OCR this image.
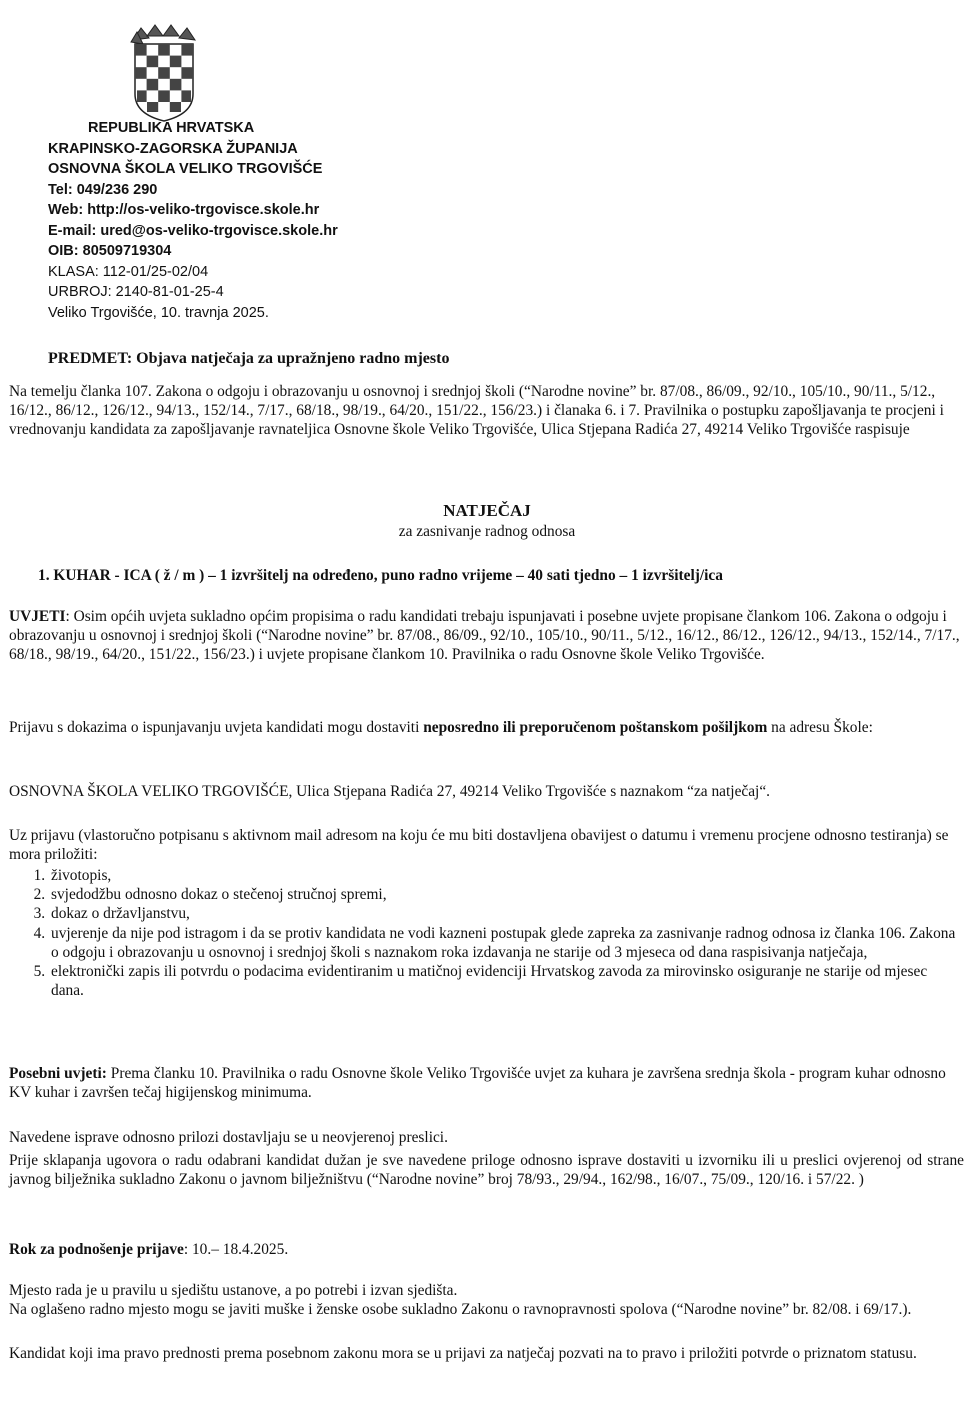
REPUBLIKA HRVATSKA
KRAPINSKO-ZAGORSKA ŽUPANIJA
OSNOVNA ŠKOLA VELIKO TRGOVIŠĆE
Tel: 049/236 290
Web: http://os-veliko-trgovisce.skole.hr
E-mail: ured@os-veliko-trgovisce.skole.hr
OIB: 80509719304
KLASA: 112-01/25-02/04
URBROJ: 2140-81-01-25-4
Veliko Trgovišće, 10. travnja 2025.
PREDMET: Objava natječaja za upražnjeno radno mjesto
Na temelju članka 107. Zakona o odgoju i obrazovanju u osnovnoj i srednjoj školi (“Narodne novine” br. 87/08., 86/09., 92/10., 105/10., 90/11., 5/12., 16/12., 86/12., 126/12., 94/13., 152/14., 7/17., 68/18., 98/19., 64/20., 151/22., 156/23.) i članaka 6. i 7. Pravilnika o postupku zapošljavanja te procjeni i vrednovanju kandidata za zapošljavanje ravnateljica Osnovne škole Veliko Trgovišće, Ulica Stjepana Radića 27, 49214 Veliko Trgovišće raspisuje
NATJEČAJ
za zasnivanje radnog odnosa
1. KUHAR - ICA ( ž / m ) – 1 izvršitelj na određeno, puno radno vrijeme – 40 sati tjedno – 1 izvršitelj/ica
UVJETI: Osim općih uvjeta sukladno općim propisima o radu kandidati trebaju ispunjavati i posebne uvjete propisane člankom 106. Zakona o odgoju i obrazovanju u osnovnoj i srednjoj školi (“Narodne novine” br. 87/08., 86/09., 92/10., 105/10., 90/11., 5/12., 16/12., 86/12., 126/12., 94/13., 152/14., 7/17., 68/18., 98/19., 64/20., 151/22., 156/23.) i uvjete propisane člankom 10. Pravilnika o radu Osnovne škole Veliko Trgovišće.
Prijavu s dokazima o ispunjavanju uvjeta kandidati mogu dostaviti neposredno ili preporučenom poštanskom pošiljkom na adresu Škole:
OSNOVNA ŠKOLA VELIKO TRGOVIŠĆE, Ulica Stjepana Radića 27, 49214 Veliko Trgovišće s naznakom “za natječaj“.
Uz prijavu (vlastoručno potpisanu s aktivnom mail adresom na koju će mu biti dostavljena obavijest o datumu i vremenu procjene odnosno testiranja) se mora priložiti:
1. životopis,
2. svjedodžbu odnosno dokaz o stečenoj stručnoj spremi,
3. dokaz o državljanstvu,
4. uvjerenje da nije pod istragom i da se protiv kandidata ne vodi kazneni postupak glede zapreka za zasnivanje radnog odnosa iz članka 106. Zakona o odgoju i obrazovanju u osnovnoj i srednjoj školi s naznakom roka izdavanja ne starije od 3 mjeseca od dana raspisivanja natječaja,
5. elektronički zapis ili potvrdu o podacima evidentiranim u matičnoj evidenciji Hrvatskog zavoda za mirovinsko osiguranje ne starije od mjesec dana.
Posebni uvjeti: Prema članku 10. Pravilnika o radu Osnovne škole Veliko Trgovišće uvjet za kuhara je završena srednja škola - program kuhar odnosno KV kuhar i završen tečaj higijenskog minimuma.
Navedene isprave odnosno prilozi dostavljaju se u neovjerenoj preslici.
Prije sklapanja ugovora o radu odabrani kandidat dužan je sve navedene priloge odnosno isprave dostaviti u izvorniku ili u preslici ovjerenoj od strane javnog bilježnika sukladno Zakonu o javnom bilježništvu (“Narodne novine” broj 78/93., 29/94., 162/98., 16/07., 75/09., 120/16. i 57/22. )
Rok za podnošenje prijave: 10.– 18.4.2025.
Mjesto rada je u pravilu u sjedištu ustanove, a po potrebi i izvan sjedišta.
Na oglašeno radno mjesto mogu se javiti muške i ženske osobe sukladno Zakonu o ravnopravnosti spolova (“Narodne novine” br. 82/08. i 69/17.).
Kandidat koji ima pravo prednosti prema posebnom zakonu mora se u prijavi za natječaj pozvati na to pravo i priložiti potvrde o priznatom statusu.
